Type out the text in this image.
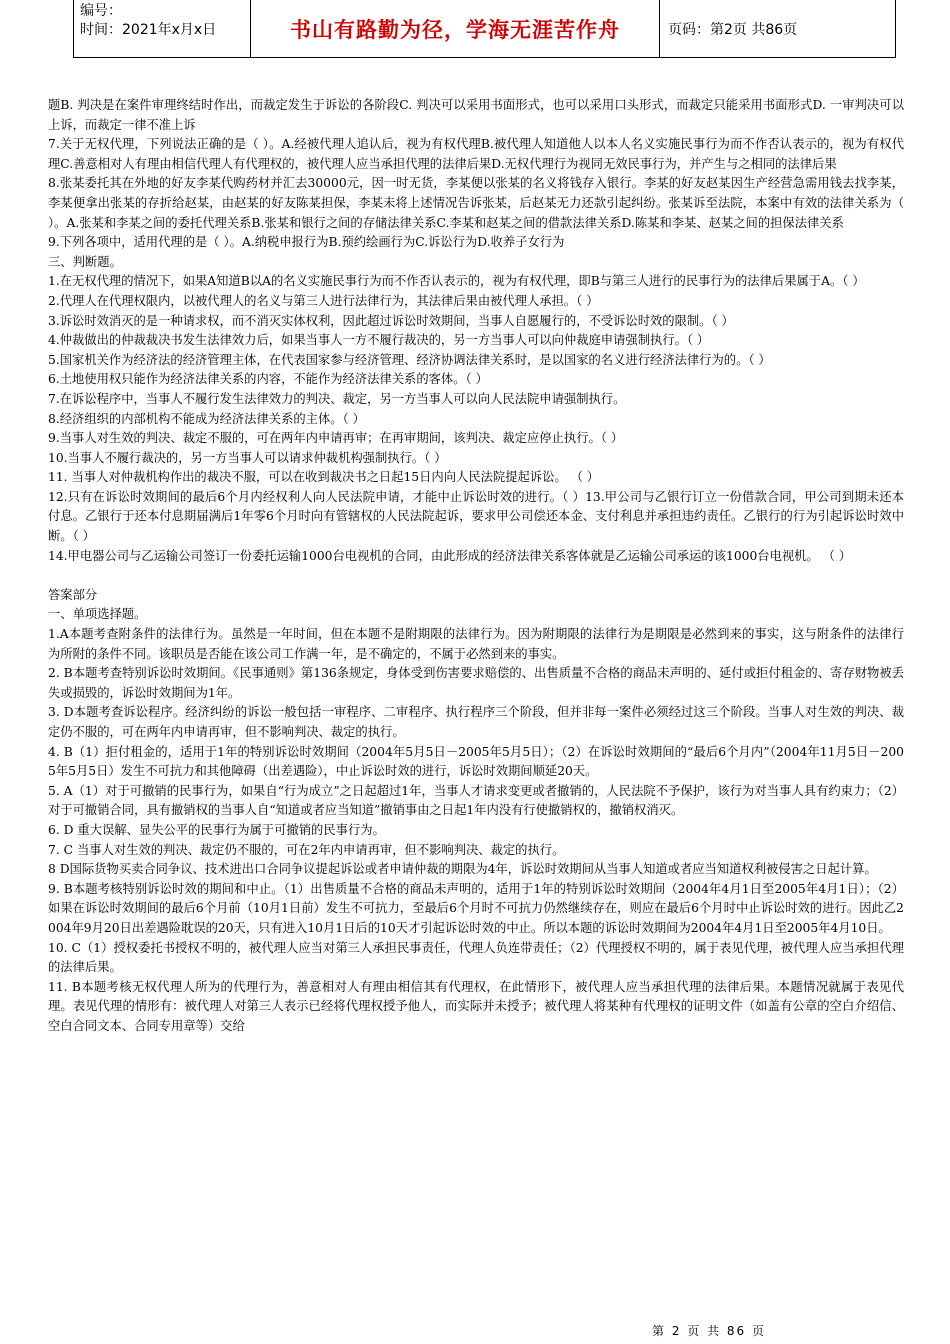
编号：
时间：2021年x月x日	书山有路勤为径，学海无涯苦作舟	页码：第2页 共86页

题B. 判决是在案件审理终结时作出，而裁定发生于诉讼的各阶段C. 判决可以采用书面形式，也可以采用口头形式，而裁定只能采用书面形式D. 一审判决可以上诉，而裁定一律不准上诉

7.关于无权代理，下列说法正确的是（ ）。A.经被代理人追认后，视为有权代理B.被代理人知道他人以本人名义实施民事行为而不作否认表示的，视为有权代理C.善意相对人有理由相信代理人有代理权的，被代理人应当承担代理的法律后果D.无权代理行为视同无效民事行为，并产生与之相同的法律后果

8.张某委托其在外地的好友李某代购药材并汇去30000元，因一时无货，李某便以张某的名义将钱存入银行。李某的好友赵某因生产经营急需用钱去找李某，李某便拿出张某的存折给赵某，由赵某的好友陈某担保，李某未将上述情况告诉张某，后赵某无力还款引起纠纷。张某诉至法院，本案中有效的法律关系为（ ）。A.张某和李某之间的委托代理关系B.张某和银行之间的存储法律关系C.李某和赵某之间的借款法律关系D.陈某和李某、赵某之间的担保法律关系

9.下列各项中，适用代理的是（ ）。A.纳税申报行为B.预约绘画行为C.诉讼行为D.收养子女行为

三、判断题。

1.在无权代理的情况下，如果A知道B以A的名义实施民事行为而不作否认表示的，视为有权代理，即B与第三人进行的民事行为的法律后果属于A。（ ）

2.代理人在代理权限内，以被代理人的名义与第三人进行法律行为，其法律后果由被代理人承担。（ ）

3.诉讼时效消灭的是一种请求权，而不消灭实体权利，因此超过诉讼时效期间，当事人自愿履行的，不受诉讼时效的限制。（ ）

4.仲裁做出的仲裁裁决书发生法律效力后，如果当事人一方不履行裁决的，另一方当事人可以向仲裁庭申请强制执行。（ ）

5.国家机关作为经济法的经济管理主体，在代表国家参与经济管理、经济协调法律关系时，是以国家的名义进行经济法律行为的。（ ）

6.土地使用权只能作为经济法律关系的内容，不能作为经济法律关系的客体。（ ）

7.在诉讼程序中，当事人不履行发生法律效力的判决、裁定，另一方当事人可以向人民法院申请强制执行。

8.经济组织的内部机构不能成为经济法律关系的主体。（ ）

9.当事人对生效的判决、裁定不服的，可在两年内申请再审；在再审期间，该判决、裁定应停止执行。（ ）

10.当事人不履行裁决的，另一方当事人可以请求仲裁机构强制执行。（ ）

11. 当事人对仲裁机构作出的裁决不服，可以在收到裁决书之日起15日内向人民法院提起诉讼。 （ ）

12.只有在诉讼时效期间的最后6个月内经权利人向人民法院申请，才能中止诉讼时效的进行。（ ）13.甲公司与乙银行订立一份借款合同，甲公司到期未还本付息。乙银行于还本付息期届满后1年零6个月时向有管辖权的人民法院起诉，要求甲公司偿还本金、支付利息并承担违约责任。乙银行的行为引起诉讼时效中断。（ ）

14.甲电器公司与乙运输公司签订一份委托运输1000台电视机的合同，由此形成的经济法律关系客体就是乙运输公司承运的该1000台电视机。 （ ）

答案部分

一、单项选择题。

1.A本题考查附条件的法律行为。虽然是一年时间，但在本题不是附期限的法律行为。因为附期限的法律行为是期限是必然到来的事实，这与附条件的法律行为所附的条件不同。该职员是否能在该公司工作满一年，是不确定的，不属于必然到来的事实。

2. B本题考查特别诉讼时效期间。《民事通则》第136条规定，身体受到伤害要求赔偿的、出售质量不合格的商品未声明的、延付或拒付租金的、寄存财物被丢失或损毁的，诉讼时效期间为1年。

3. D本题考查诉讼程序。经济纠纷的诉讼一般包括一审程序、二审程序、执行程序三个阶段，但并非每一案件必须经过这三个阶段。当事人对生效的判决、裁定仍不服的，可在两年内申请再审，但不影响判决、裁定的执行。

4. B（1）拒付租金的，适用于1年的特别诉讼时效期间（2004年5月5日－2005年5月5日）；（2）在诉讼时效期间的“最后6个月内”（2004年11月5日－2005年5月5日）发生不可抗力和其他障碍（出差遇险），中止诉讼时效的进行，诉讼时效期间顺延20天。

5. A（1）对于可撤销的民事行为，如果自“行为成立”之日起超过1年，当事人才请求变更或者撤销的，人民法院不予保护，该行为对当事人具有约束力；（2）对于可撤销合同，具有撤销权的当事人自“知道或者应当知道”撤销事由之日起1年内没有行使撤销权的，撤销权消灭。

6. D 重大误解、显失公平的民事行为属于可撤销的民事行为。

7. C 当事人对生效的判决、裁定仍不服的，可在2年内申请再审，但不影响判决、裁定的执行。

8 D国际货物买卖合同争议、技术进出口合同争议提起诉讼或者申请仲裁的期限为4年，诉讼时效期间从当事人知道或者应当知道权利被侵害之日起计算。

9. B本题考核特别诉讼时效的期间和中止。（1）出售质量不合格的商品未声明的，适用于1年的特别诉讼时效期间（2004年4月1日至2005年4月1日）；（2）如果在诉讼时效期间的最后6个月前（10月1日前）发生不可抗力，至最后6个月时不可抗力仍然继续存在，则应在最后6个月时中止诉讼时效的进行。因此乙2004年9月20日出差遇险耽误的20天，只有进入10月1日后的10天才引起诉讼时效的中止。所以本题的诉讼时效期间为2004年4月1日至2005年4月10日。

10. C（1）授权委托书授权不明的，被代理人应当对第三人承担民事责任，代理人负连带责任；（2）代理授权不明的，属于表见代理，被代理人应当承担代理的法律后果。

11. B本题考核无权代理人所为的代理行为，善意相对人有理由相信其有代理权，在此情形下，被代理人应当承担代理的法律后果。本题情况就属于表见代理。表见代理的情形有：被代理人对第三人表示已经将代理权授予他人，而实际并未授予；被代理人将某种有代理权的证明文件（如盖有公章的空白介绍信、空白合同文本、合同专用章等）交给

第 2 页 共 86 页
